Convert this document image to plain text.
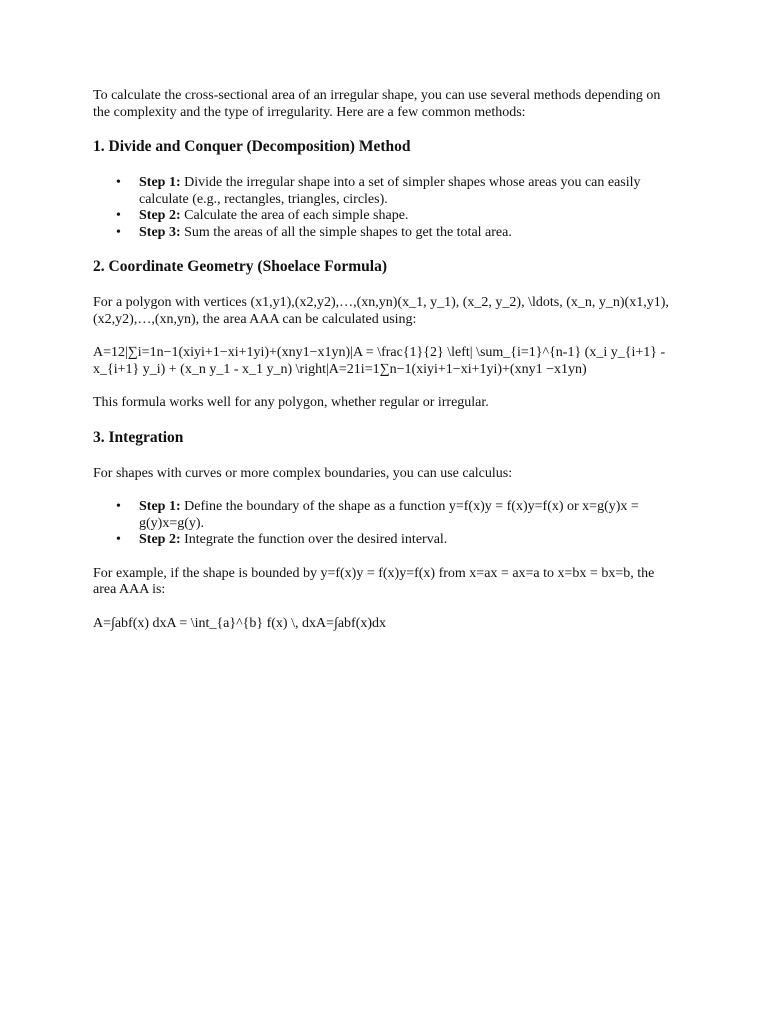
To calculate the cross-sectional area of an irregular shape, you can use several methods depending on the complexity and the type of irregularity. Here are a few common methods:

1. Divide and Conquer (Decomposition) Method
• Step 1: Divide the irregular shape into a set of simpler shapes whose areas you can easily calculate (e.g., rectangles, triangles, circles).
• Step 2: Calculate the area of each simple shape.
• Step 3: Sum the areas of all the simple shapes to get the total area.
2. Coordinate Geometry (Shoelace Formula)

For a polygon with vertices (x1,y1),(x2,y2),…,(xn,yn)(x_1, y_1), (x_2, y_2), \ldots, (x_n, y_n)(x1,y1),(x2,y2),…,(xn,yn), the area AAA can be calculated using:

A=12|∑i=1n−1(xiyi+1−xi+1yi)+(xny1−x1yn)|A = \frac{1}{2} \left| \sum_{i=1}^{n-1} (x_i y_{i+1} - x_{i+1} y_i) + (x_n y_1 - x_1 y_n) \right|A=21i=1∑n−1(xiyi+1−xi+1yi)+(xny1 −x1yn)

This formula works well for any polygon, whether regular or irregular.

3. Integration

For shapes with curves or more complex boundaries, you can use calculus:

• Step 1: Define the boundary of the shape as a function y=f(x)y = f(x)y=f(x) or x=g(y)x = g(y)x=g(y).
• Step 2: Integrate the function over the desired interval.

For example, if the shape is bounded by y=f(x)y = f(x)y=f(x) from x=ax = ax=a to x=bx = bx=b, the area AAA is:

A=∫abf(x) dxA = \int_{a}^{b} f(x) \, dxA=∫abf(x)dx
